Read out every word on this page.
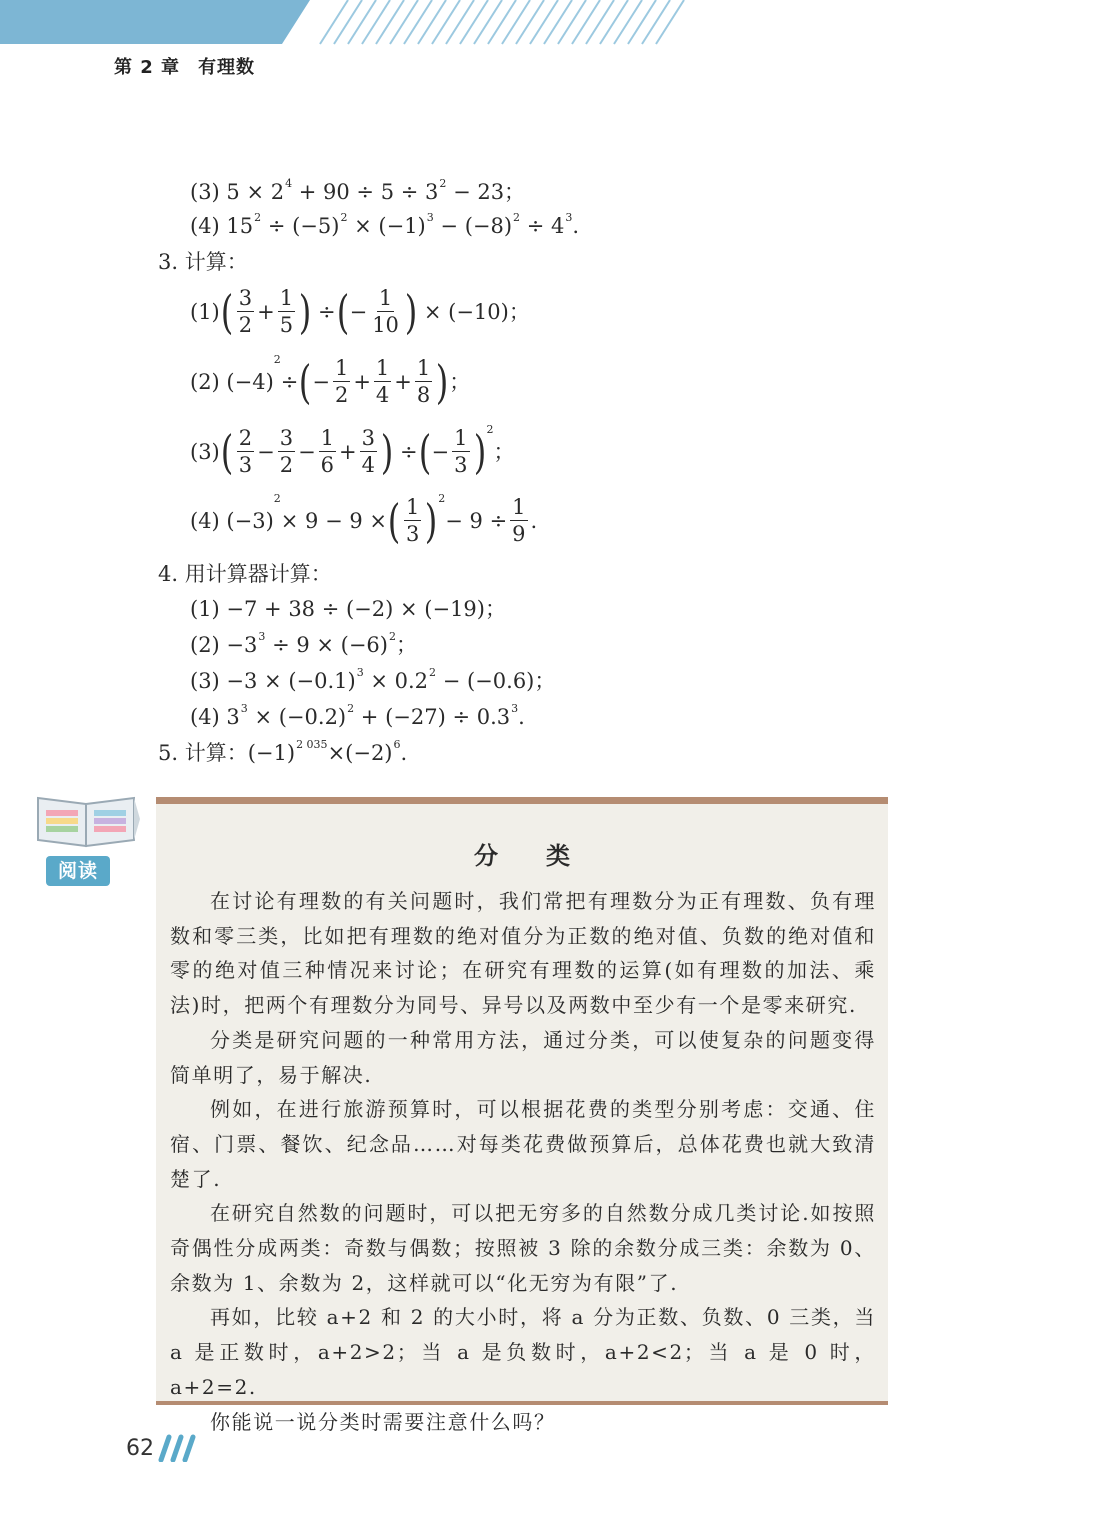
第 2 章 有理数
(3) $5 \times 2^4 + 90 \div 5 \div 3^2 - 23$；
(4) $15^2 \div (-5)^2 \times (-1)^3 - (-8)^2 \div 4^3$.
3. 计算：
(1) ( $\frac{3}{2} + \frac{1}{5}$ ) ÷ ( − $\frac{1}{10}$ ) × (−10)；
(2) (−4)
2
÷ ( − $\frac{1}{2} + \frac{1}{4} + \frac{1}{8}$ ) ；
(3) ( $\frac{2}{3} - \frac{3}{2} - \frac{1}{6} + \frac{3}{4}$ ) ÷ ( − $\frac{1}{3}$ ) 2
；
(4) (−3)
2
× 9 − 9 × ( $\frac{1}{3}$ ) 2
− $9 \div \frac{1}{9}$ .
4. 用计算器计算：
(1) −7 + 38 ÷ (−2) × (−19)；
$(2) -3^3 \div 9 \times (-6)^2$；
$(3) -3 \times (-0.1)^3 \times 0.2^2 - (-0.6)$；
(4) $3^3 \times (-0.2)^2 + (-27) \div 0.3^3$.
5. 计算：$(-1)^{2 035}\times(-2)^6$.
阅读
分类

在讨论有理数的有关问题时，我们常把有理数分为正有理数、负有理数和零三类，比如把有理数的绝对值分为正数的绝对值、负数的绝对值和零的绝对值三种情况来讨论；在研究有理数的运算(如有理数的加法、乘法)时，把两个有理数分为同号、异号以及两数中至少有一个是零来研究.

分类是研究问题的一种常用方法，通过分类，可以使复杂的问题变得简单明了，易于解决.

例如，在进行旅游预算时，可以根据花费的类型分别考虑：交通、住宿、门票、餐饮、纪念品……对每类花费做预算后，总体花费也就大致清楚了.

在研究自然数的问题时，可以把无穷多的自然数分成几类讨论.如按照奇偶性分成两类：奇数与偶数；按照被 3 除的余数分成三类：余数为 0、余数为 1、余数为 2，这样就可以“化无穷为有限”了.

再如，比较 a+2 和 2 的大小时，将 a 分为正数、负数、0 三类，当 a 是正数时，a+2>2；当 a 是负数时，a+2<2；当 a 是 0 时，a+2=2.

你能说一说分类时需要注意什么吗？

62
